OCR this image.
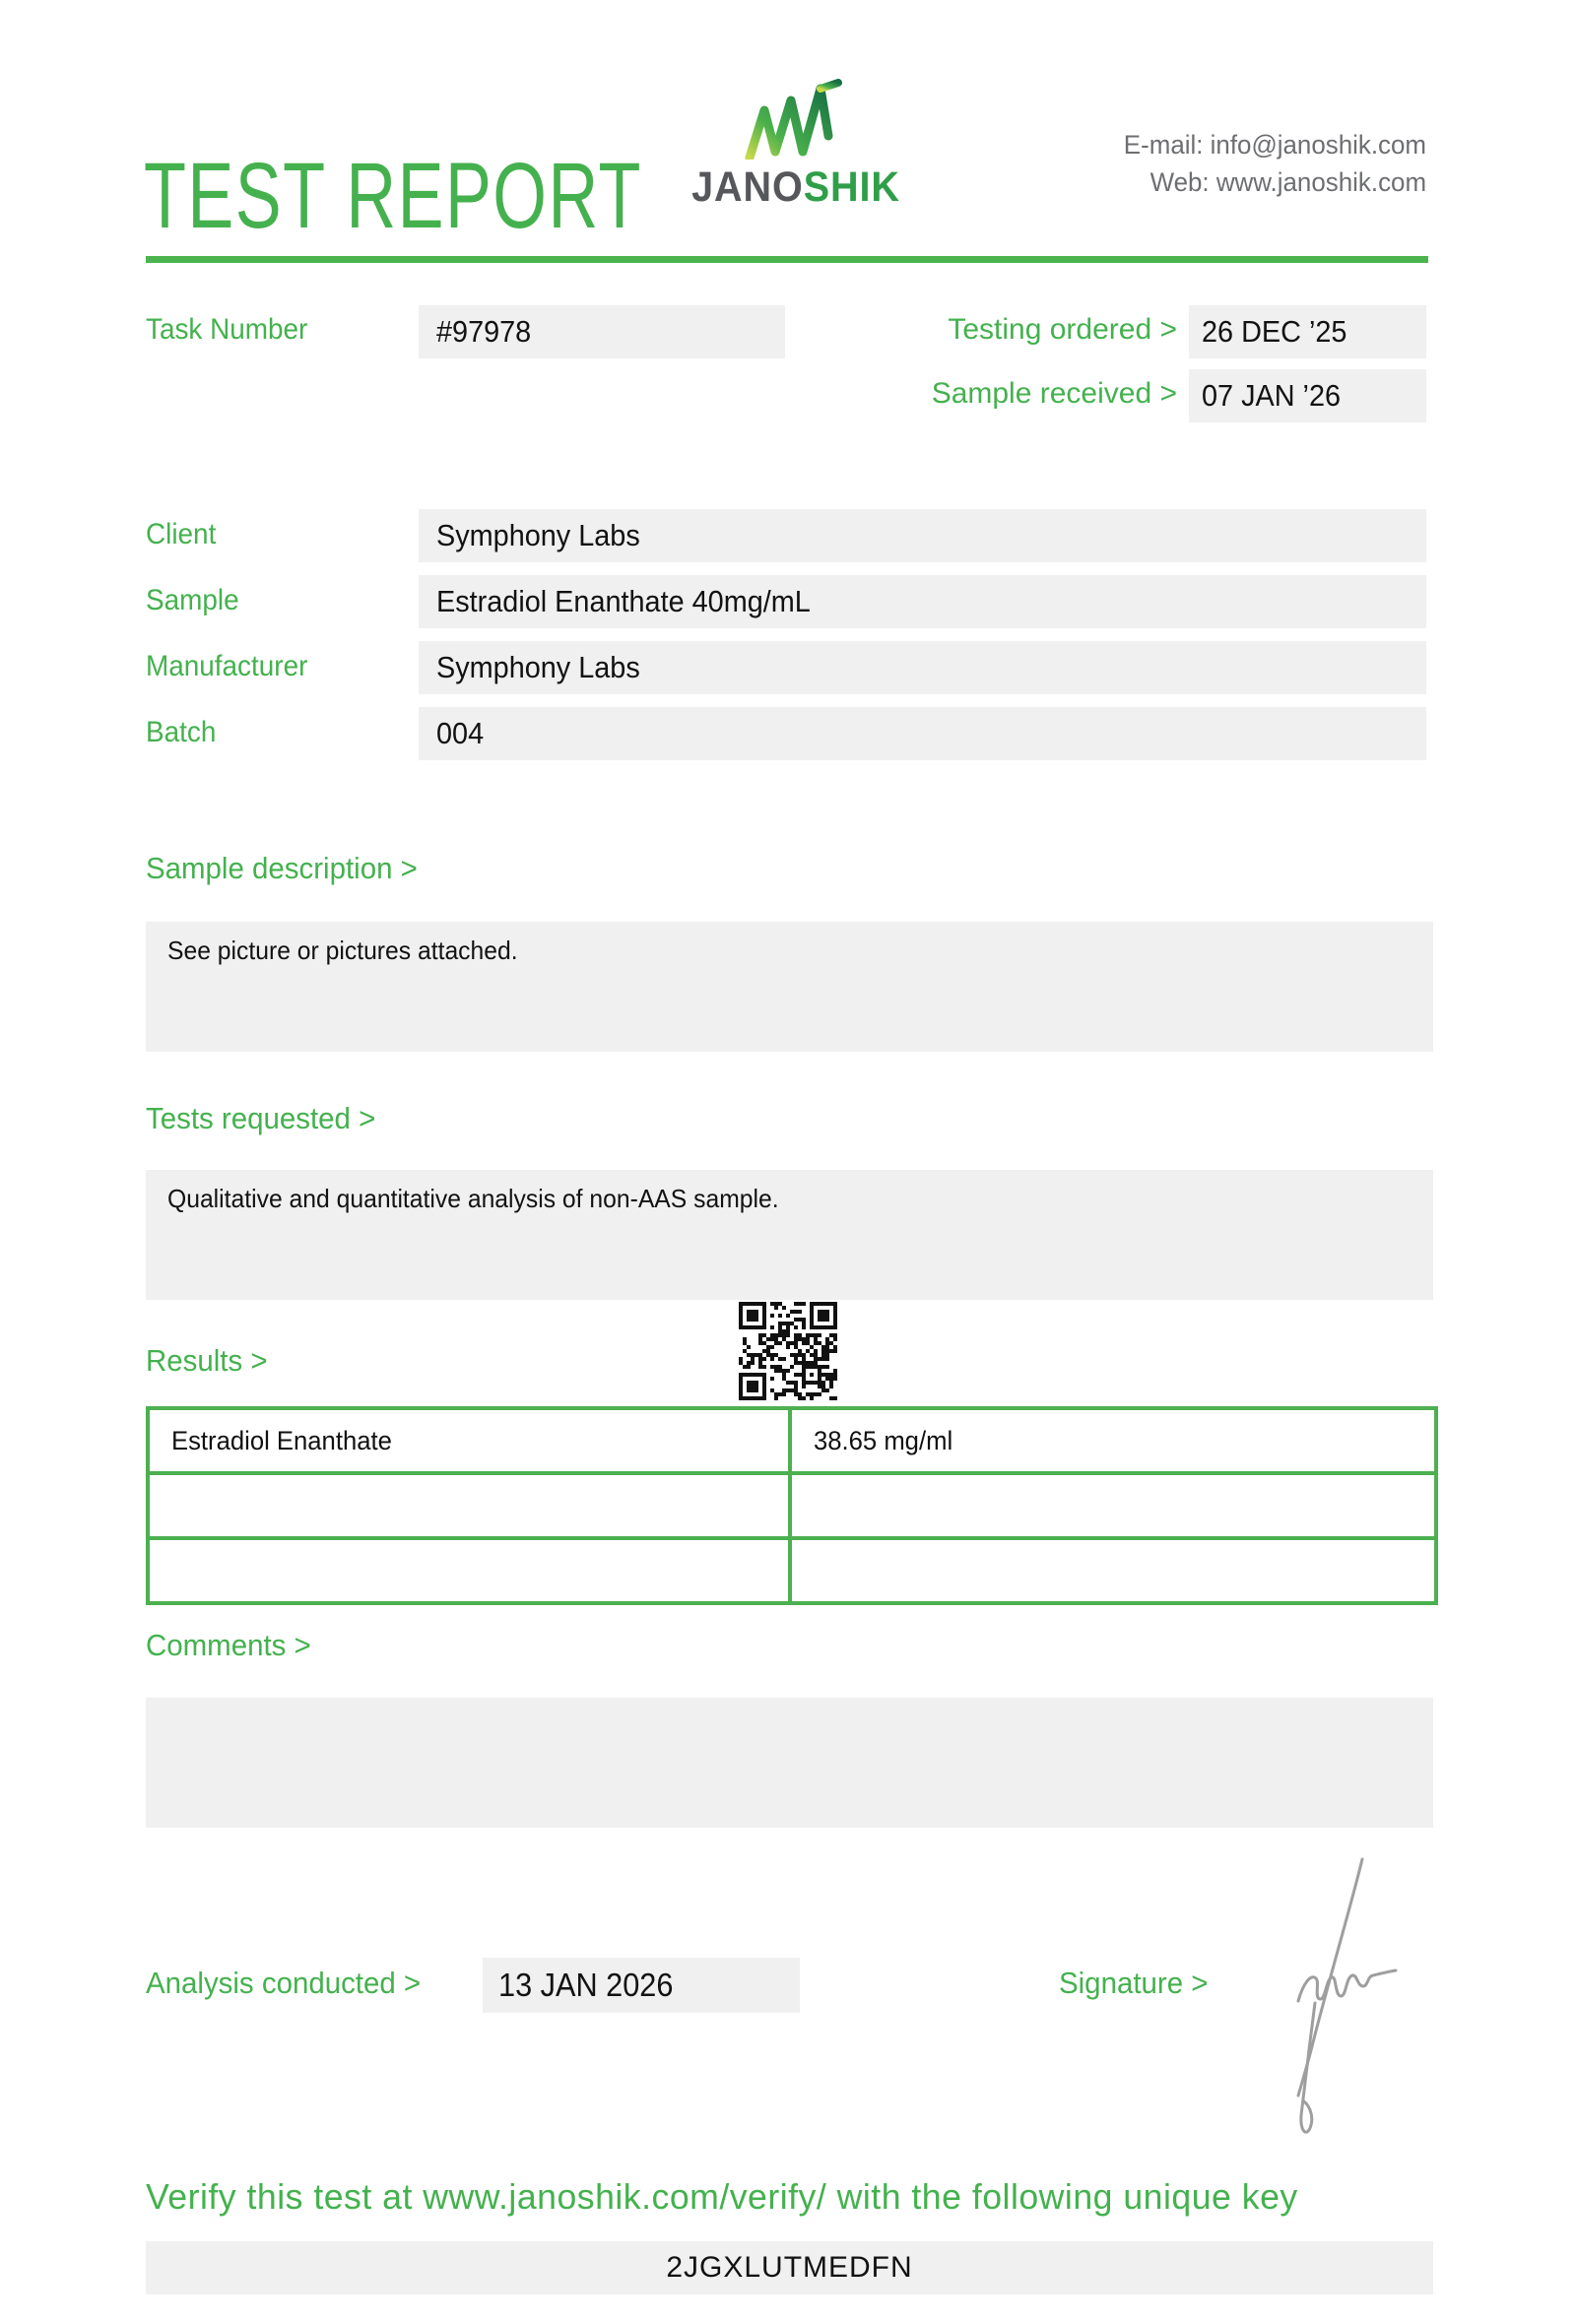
TEST REPORT JANOSHIK
E-mail: info@janoshik.com
Web: www.janoshik.com
Task Number	#97978	Testing ordered > 26 DEC ’25
Sample received > 07 JAN ’26
Client	Symphony Labs
Sample	Estradiol Enanthate 40mg/mL
Manufacturer	Symphony Labs
Batch	004
Sample description >
See picture or pictures attached.
Tests requested >
Qualitative and quantitative analysis of non-AAS sample.
Results >
Estradiol Enanthate	38.65 mg/ml
Comments >
Analysis conducted > 13 JAN 2026	Signature >
Verify this test at www.janoshik.com/verify/ with the following unique key
2JGXLUTMEDFN
